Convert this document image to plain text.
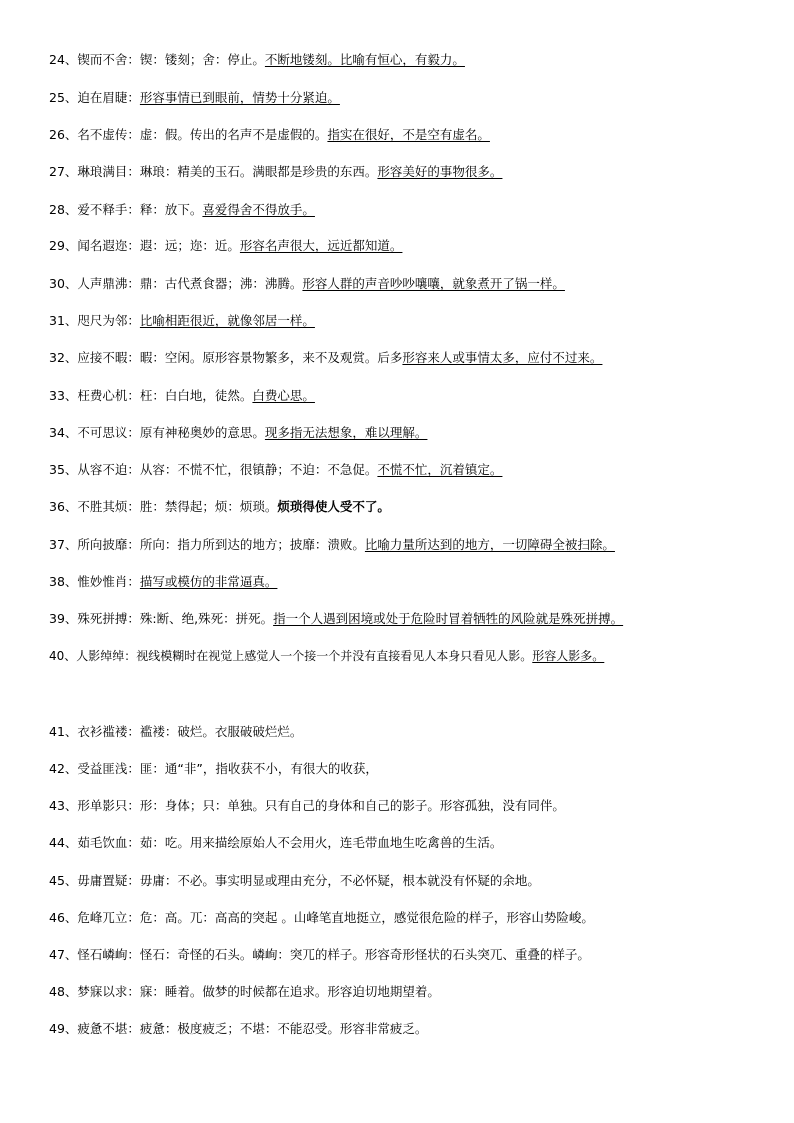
24、锲而不舍：锲：镂刻；舍：停止。不断地镂刻。比喻有恒心，有毅力。
25、迫在眉睫：形容事情已到眼前，情势十分紧迫。
26、名不虚传：虚：假。传出的名声不是虚假的。指实在很好，不是空有虚名。
27、琳琅满目：琳琅：精美的玉石。满眼都是珍贵的东西。形容美好的事物很多。
28、爱不释手：释：放下。喜爱得舍不得放手。
29、闻名遐迩：遐：远；迩：近。形容名声很大，远近都知道。
30、人声鼎沸：鼎：古代煮食器；沸：沸腾。形容人群的声音吵吵嚷嚷，就象煮开了锅一样。
31、咫尺为邻：比喻相距很近，就像邻居一样。
32、应接不暇：暇：空闲。原形容景物繁多，来不及观赏。后多形容来人或事情太多，应付不过来。
33、枉费心机：枉：白白地，徒然。白费心思。
34、不可思议：原有神秘奥妙的意思。现多指无法想象，难以理解。
35、从容不迫：从容：不慌不忙，很镇静；不迫：不急促。不慌不忙，沉着镇定。
36、不胜其烦：胜：禁得起；烦：烦琐。烦琐得使人受不了。
37、所向披靡：所向：指力所到达的地方；披靡：溃败。比喻力量所达到的地方，一切障碍全被扫除。
38、惟妙惟肖：描写或模仿的非常逼真。
39、殊死拼搏：殊:断、绝,殊死：拼死。指一个人遇到困境或处于危险时冒着牺牲的风险就是殊死拼搏。
40、人影绰绰：视线模糊时在视觉上感觉人一个接一个并没有直接看见人本身只看见人影。形容人影多。
41、衣衫褴褛：褴褛：破烂。衣服破破烂烂。
42、受益匪浅：匪：通“非”，指收获不小，有很大的收获，
43、形单影只：形：身体；只：单独。只有自己的身体和自己的影子。形容孤独，没有同伴。
44、茹毛饮血：茹：吃。用来描绘原始人不会用火，连毛带血地生吃禽兽的生活。
45、毋庸置疑：毋庸：不必。事实明显或理由充分，不必怀疑，根本就没有怀疑的余地。
46、危峰兀立：危：高。兀：高高的突起 。山峰笔直地挺立，感觉很危险的样子，形容山势险峻。
47、怪石嶙峋：怪石：奇怪的石头。嶙峋：突兀的样子。形容奇形怪状的石头突兀、重叠的样子。
48、梦寐以求：寐：睡着。做梦的时候都在追求。形容迫切地期望着。
49、疲惫不堪：疲惫：极度疲乏；不堪：不能忍受。形容非常疲乏。
